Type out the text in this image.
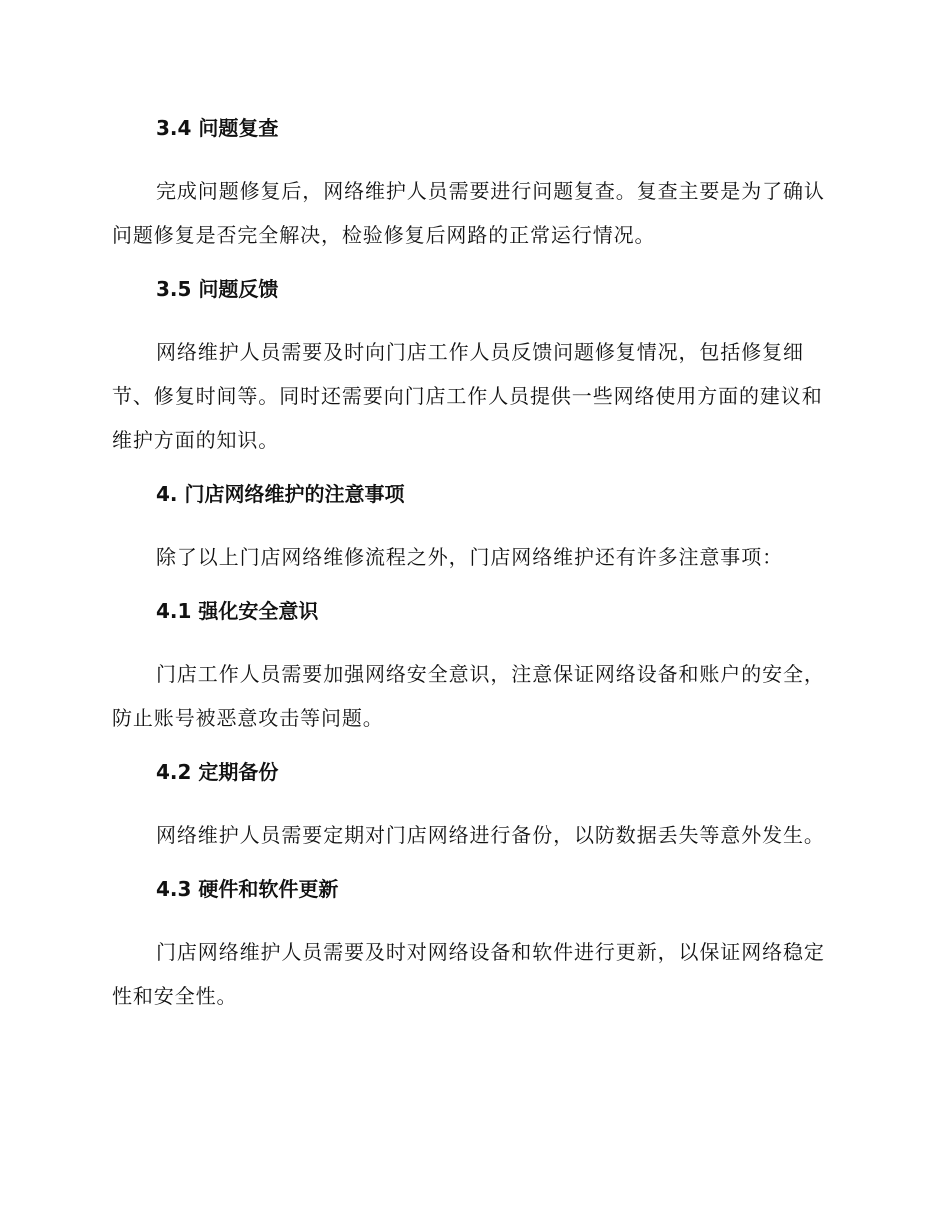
3.4 问题复查

完成问题修复后，网络维护人员需要进行问题复查。复查主要是为了确认问题修复是否完全解决，检验修复后网路的正常运行情况。

3.5 问题反馈

网络维护人员需要及时向门店工作人员反馈问题修复情况，包括修复细节、修复时间等。同时还需要向门店工作人员提供一些网络使用方面的建议和维护方面的知识。

4. 门店网络维护的注意事项

除了以上门店网络维修流程之外，门店网络维护还有许多注意事项：

4.1 强化安全意识

门店工作人员需要加强网络安全意识，注意保证网络设备和账户的安全，防止账号被恶意攻击等问题。

4.2 定期备份

网络维护人员需要定期对门店网络进行备份，以防数据丢失等意外发生。

4.3 硬件和软件更新

门店网络维护人员需要及时对网络设备和软件进行更新，以保证网络稳定性和安全性。
